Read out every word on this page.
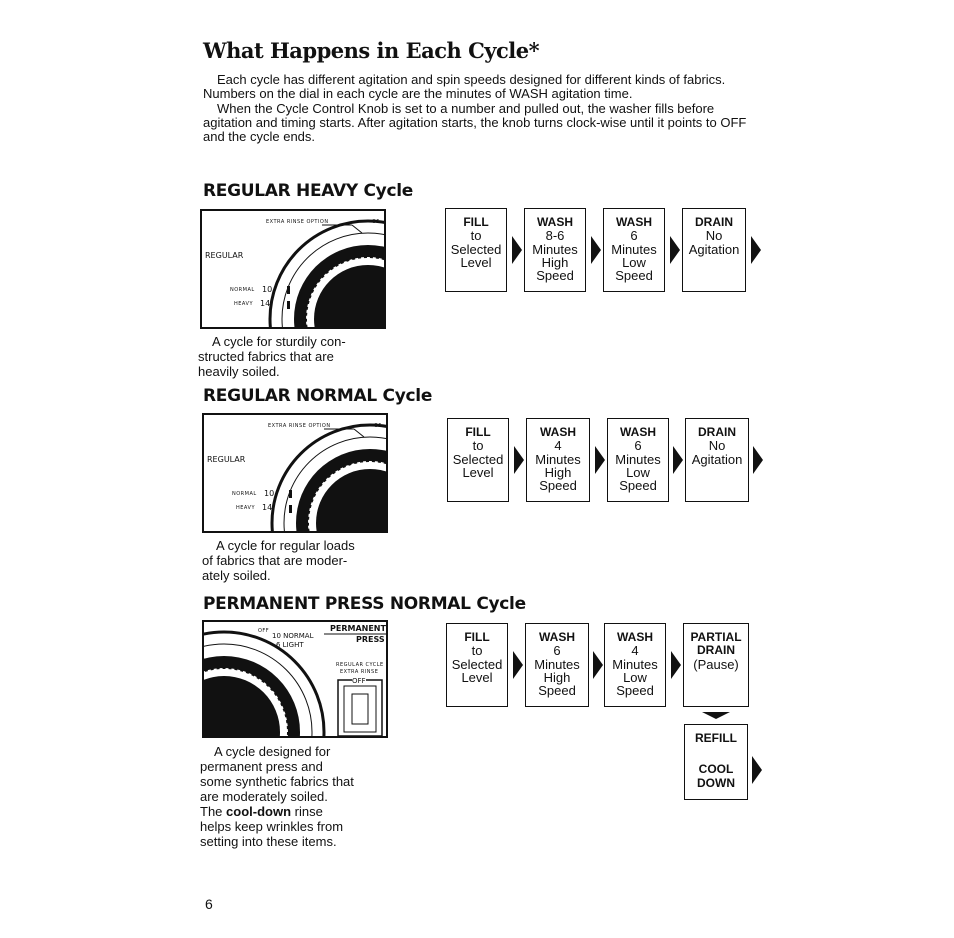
What Happens in Each Cycle*

Each cycle has different agitation and spin speeds designed for different kinds of fabrics. Numbers on the dial in each cycle are the minutes of WASH agitation time.

When the Cycle Control Knob is set to a number and pulled out, the washer fills before agitation and timing starts. After agitation starts, the knob turns clock-wise until it points to OFF and the cycle ends.

REGULAR HEAVY Cycle
EXTRA RINSE OPTION	OF
REGULAR
NORMAL 10
HEAVY 14
A cycle for sturdily con-
structed fabrics that are
heavily soiled.
FILL
to
Selected
Level
WASH
8-6
Minutes
High
Speed
WASH
6
Minutes
Low
Speed
DRAIN
No
Agitation
REGULAR NORMAL Cycle
EXTRA RINSE OPTION	OF
REGULAR
NORMAL 10
HEAVY 14
A cycle for regular loads
of fabrics that are moder-
ately soiled.
FILL
to
Selected
Level
WASH
4
Minutes
High
Speed
WASH
6
Minutes
Low
Speed
DRAIN
No
Agitation
PERMANENT PRESS NORMAL Cycle
OFF
10 NORMAL
6 LIGHT
PERMANENT
PRESS
REGULAR CYCLE
EXTRA RINSE
OFF
A cycle designed for
permanent press and
some synthetic fabrics that
are moderately soiled.
The cool-down rinse
helps keep wrinkles from
setting into these items.
FILL
to
Selected
Level
WASH
6
Minutes
High
Speed
WASH
4
Minutes
Low
Speed
PARTIAL
DRAIN
(Pause)
REFILL
COOL
DOWN
6
